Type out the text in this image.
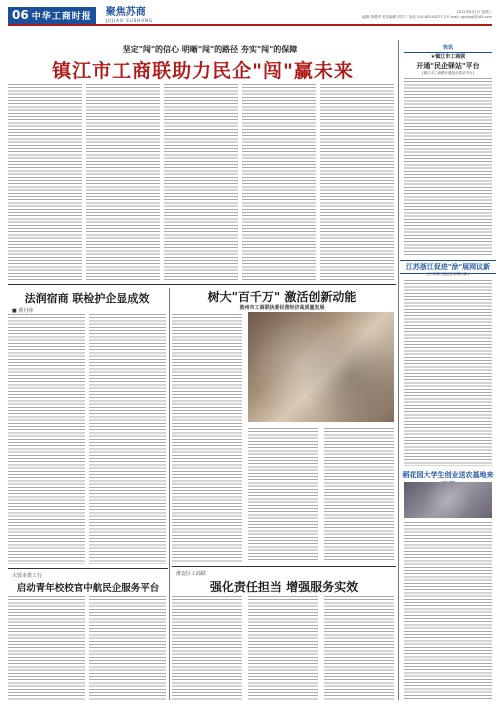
06 中华工商时报 聚焦苏商
JUJIAO SUSHANG
2012年8月1日 星期三
编辑 周锦华 美术编辑 刘学工 电话 010-65245277-2 E-mail: qyxjing@163.com
坚定"闯"的信心 明晰"闯"的路径 夯实"闯"的保障
镇江市工商联助力民企"闯"赢未来
快讯
★镇江市工商联
开通"民企驿站"平台
[镇江市工商联开通民企驿站平台]
江苏浙江促进"涂"展网议新
[江苏浙江促进涂展网议新]
稻花园大学生创业送农基地来
法润宿商 联检护企显成效
■ 黄丹萍
树大"百千万" 激活创新动能
淮州市工商联执委民营经济高质量发展
大饭市供工行
启动青年校校官中航民企服务平台
淮安区工商联
强化责任担当 增强服务实效
